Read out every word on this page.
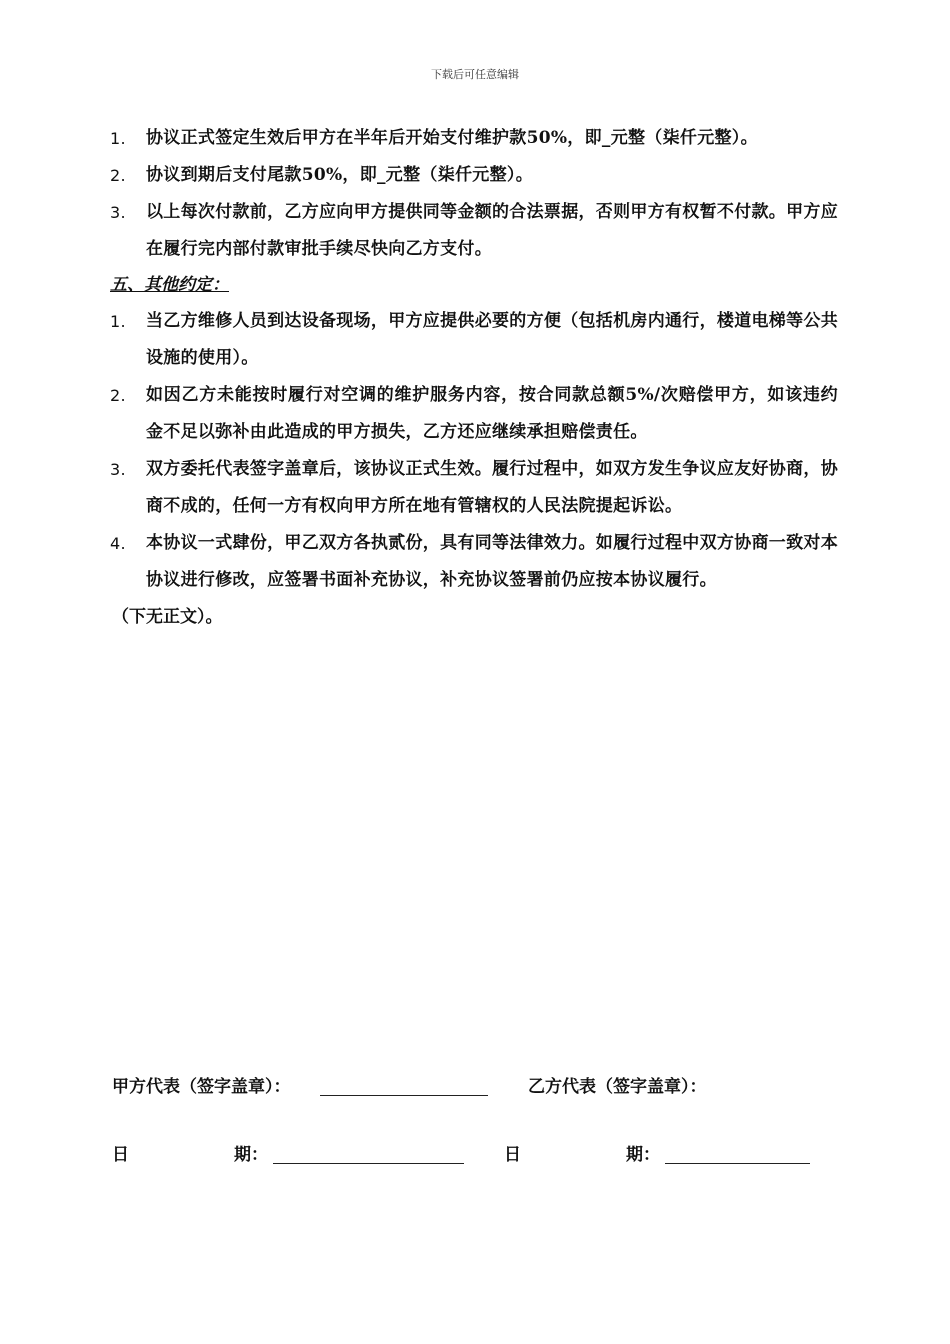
下载后可任意编辑
1.	协议正式签定生效后甲方在半年后开始支付维护款50%，即_元整（柒仟元整）。
2.	协议到期后支付尾款50%，即_元整（柒仟元整）。
3.	以上每次付款前，乙方应向甲方提供同等金额的合法票据，否则甲方有权暂不付款。甲方应在履行完内部付款审批手续尽快向乙方支付。
五、其他约定：
1.	当乙方维修人员到达设备现场，甲方应提供必要的方便（包括机房内通行，楼道电梯等公共设施的使用）。
2.	如因乙方未能按时履行对空调的维护服务内容，按合同款总额5%/次赔偿甲方，如该违约金不足以弥补由此造成的甲方损失，乙方还应继续承担赔偿责任。
3.	双方委托代表签字盖章后，该协议正式生效。履行过程中，如双方发生争议应友好协商，协商不成的，任何一方有权向甲方所在地有管辖权的人民法院提起诉讼。
4.	本协议一式肆份，甲乙双方各执贰份，具有同等法律效力。如履行过程中双方协商一致对本协议进行修改，应签署书面补充协议，补充协议签署前仍应按本协议履行。
（下无正文）。
甲方代表（签字盖章）：	乙方代表（签字盖章）：
日	期：	日	期：
